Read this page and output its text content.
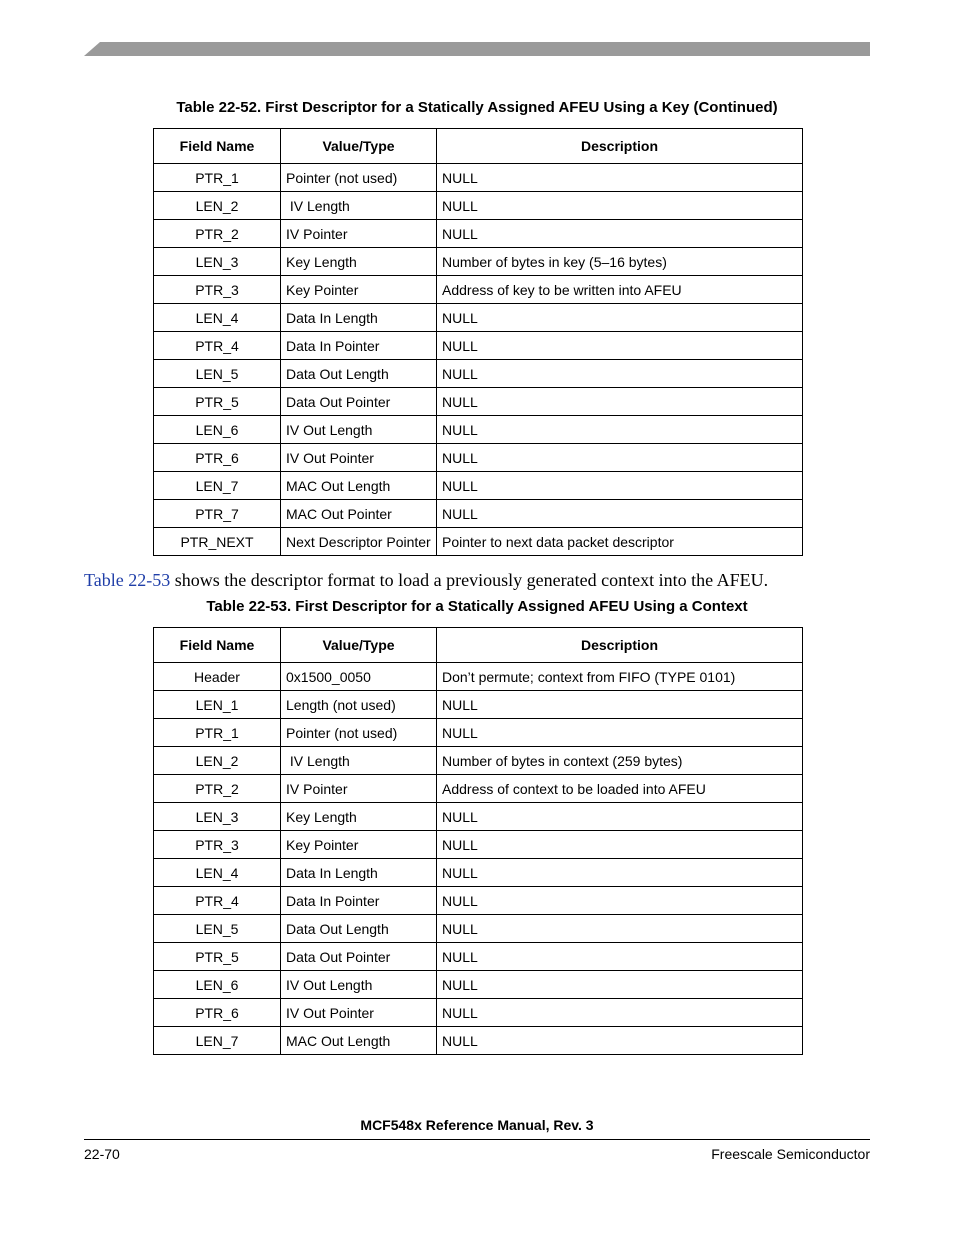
Table 22-52. First Descriptor for a Statically Assigned AFEU Using a Key (Continued)
Field Name	Value/Type	Description
PTR_1	Pointer (not used)	NULL
LEN_2	IV Length	NULL
PTR_2	IV Pointer	NULL
LEN_3	Key Length	Number of bytes in key (5–16 bytes)
PTR_3	Key Pointer	Address of key to be written into AFEU
LEN_4	Data In Length	NULL
PTR_4	Data In Pointer	NULL
LEN_5	Data Out Length	NULL
PTR_5	Data Out Pointer	NULL
LEN_6	IV Out Length	NULL
PTR_6	IV Out Pointer	NULL
LEN_7	MAC Out Length	NULL
PTR_7	MAC Out Pointer	NULL
PTR_NEXT	Next Descriptor Pointer	Pointer to next data packet descriptor
Table 22-53 shows the descriptor format to load a previously generated context into the AFEU.
Table 22-53. First Descriptor for a Statically Assigned AFEU Using a Context
Field Name	Value/Type	Description
Header	0x1500_0050	Don’t permute; context from FIFO (TYPE 0101)
LEN_1	Length (not used)	NULL
PTR_1	Pointer (not used)	NULL
LEN_2	IV Length	Number of bytes in context (259 bytes)
PTR_2	IV Pointer	Address of context to be loaded into AFEU
LEN_3	Key Length	NULL
PTR_3	Key Pointer	NULL
LEN_4	Data In Length	NULL
PTR_4	Data In Pointer	NULL
LEN_5	Data Out Length	NULL
PTR_5	Data Out Pointer	NULL
LEN_6	IV Out Length	NULL
PTR_6	IV Out Pointer	NULL
LEN_7	MAC Out Length	NULL
MCF548x Reference Manual, Rev. 3
22-70	Freescale Semiconductor
